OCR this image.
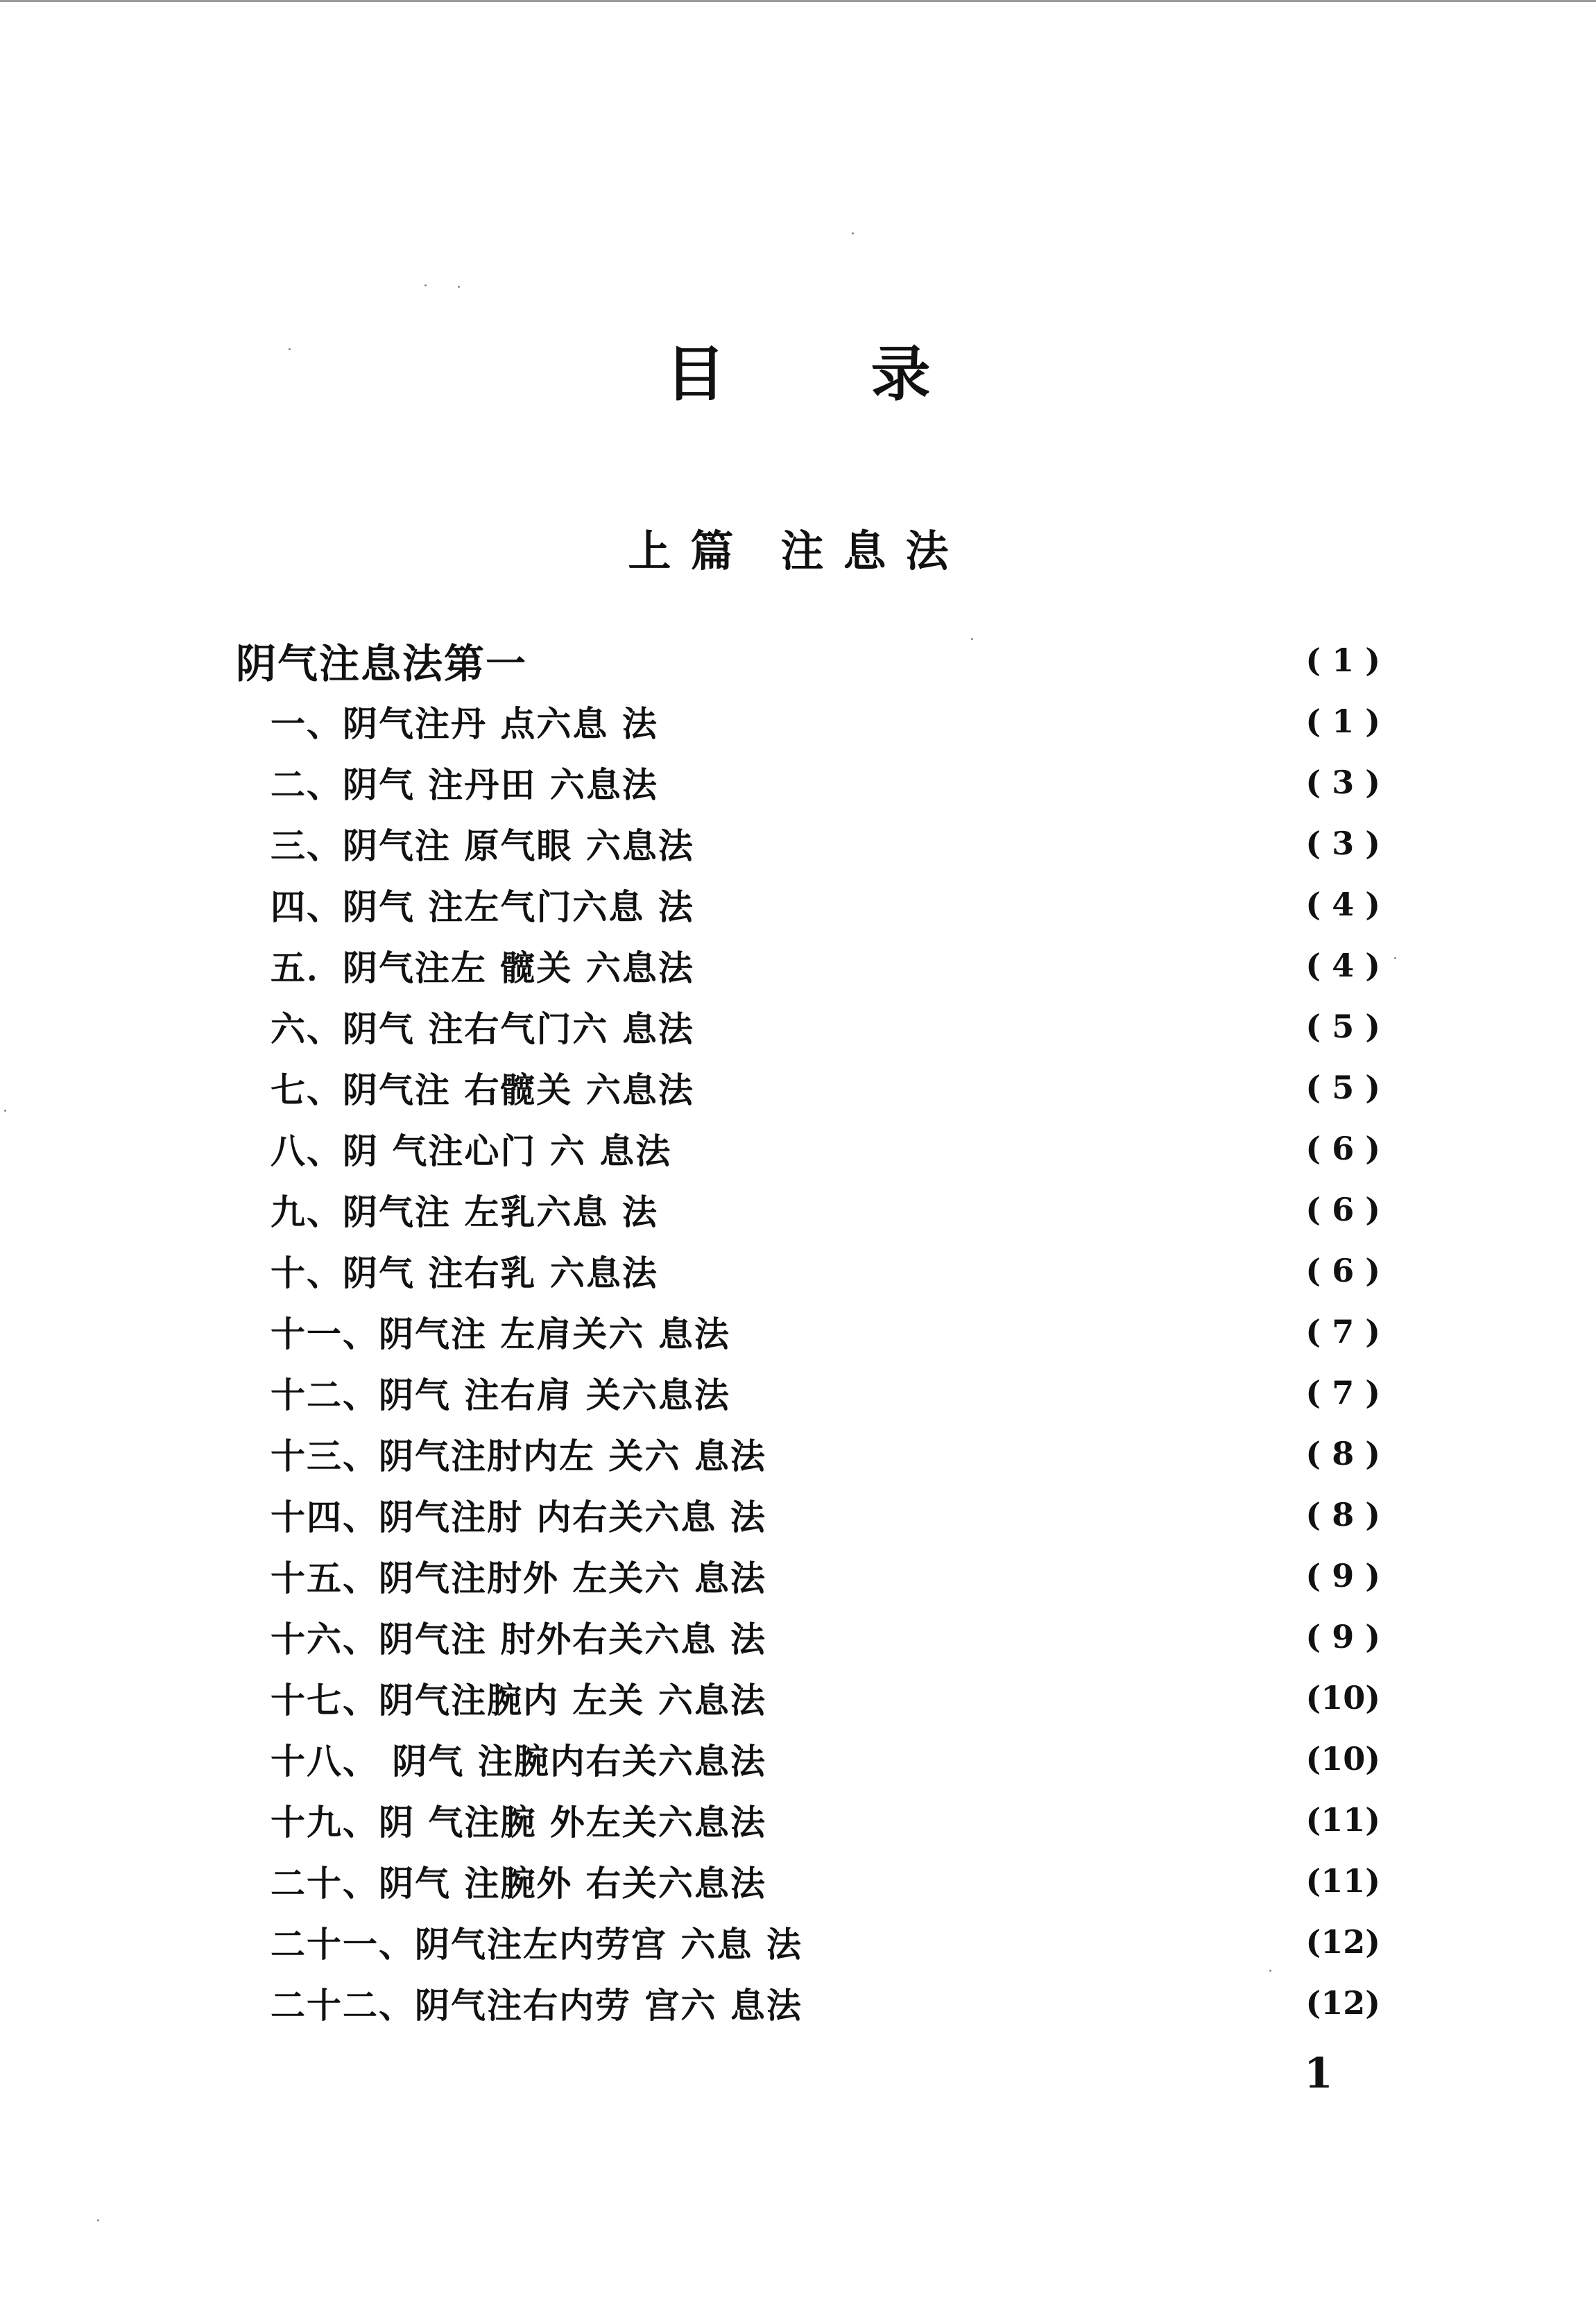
目 录
上篇 注息法
阴气注息法第一	( 1 )
一、阴气注丹 点六息 法	( 1 )
二、阴气 注丹田 六息法	( 3 )
三、阴气注 原气眼 六息法	( 3 )
四、阴气 注左气门六息 法	( 4 )
五．阴气注左 髋关 六息法	( 4 )
六、阴气 注右气门六 息法	( 5 )
七、阴气注 右髋关 六息法	( 5 )
八、阴 气注心门 六 息法	( 6 )
九、阴气注 左乳六息 法	( 6 )
十、阴气 注右乳 六息法	( 6 )
十一、阴气注 左肩关六 息法	( 7 )
十二、阴气 注右肩 关六息法	( 7 )
十三、阴气注肘内左 关六 息法	( 8 )
十四、阴气注肘 内右关六息 法	( 8 )
十五、阴气注肘外 左关六 息法	( 9 )
十六、阴气注 肘外右关六息 法	( 9 )
十七、阴气注腕内 左关 六息法	(10)
十八、 阴气 注腕内右关六息法	(10)
十九、阴 气注腕 外左关六息法	(11)
二十、阴气 注腕外 右关六息法	(11)
二十一、阴气注左内劳宫 六息 法	(12)
二十二、阴气注右内劳 宫六 息法	(12)
1
